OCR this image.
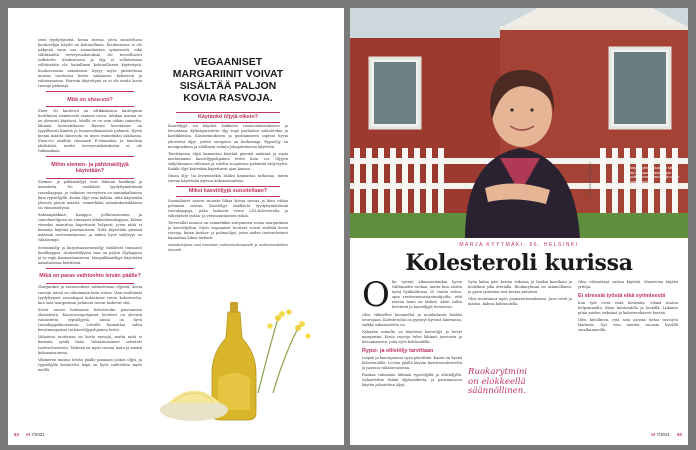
seen tyydyttyneitä, kovaa rasvaa, joten suositeltava kookosöljyn käyttö on kohtuullinen. Kookosrasva ei ole näkyvää vaan osa suomalaisten syömisestä, eikä välttämättä terveysvaikutuksia ole tieteellisesti todistettu. Kookosrasva ja öljy ei sellaisenaan välttämättä ole haitallinen kohtuullisesti käytettynä. Kookosrasvaa annoksissa löytyy myös piilotettuna muissa tuotteissa kuten suklaassa, kekseissä ja valmisruoissa. Harvoin käytettynä se ei ole muita kovia rasvoja pahempi.

Mitä on shea-voi?

Shea- eli karitevoi on afrikkalaisen karitepuun hedelmien siemenestä saatava rasva. Afrikan maissa se on yleisesti käytössä. Meillä se on vain vähän tunnettu, lähinnä kosmetiikassa. Rasvan koostumus on tyypillisesti kiinteä ja huoneenlämmössä pehmeä. Hyvin pieniä määriä sheavoita on myös esimerkiksi suklaassa. Shea-voi sisältää runsaasti E-vitamiinia ja fenolisia yhdisteitä, mutta terveysvaikutuksista ei ole tutkimuksia.

Mihin siemen- ja pähkinäöljyjä käytetään?

Siemen- ja pähkinäöljyt ovat lähinnä herkkuja ja maustetta. Ne sisältävät tyydyttymättömiä rasvahappoja, ja vaikutus terveyteen on samankaltainen kuin rypsiöljyllä. Koska öljyt ovat kalliita, niitä käytetään yleensä pieniä määriä, esimerkiksi salaatinkastikkeissa tai viimeistelyssä.

Saksanpähkinä-, hamppu-, pellavansiemen- ja camelinaöljyssä on runsaasti alfalinoleenihappoa. Kolme viimeksi mainittua hapettuvat helposti, joten niitä ei kannata käyttää paistamiseen. Niitä käytetään pieninä määrinä ravitsemuksessa, ja niiden hyvä säilyvyys on vähäisempi.

Seesamiöljy ja kurpitsansiemenöljy sisältävät runsaasti linolihappoa. Avokadoöljyssä taas on paljon öljyhappoa ja se sopii kuumentamiseen. Maapähkinäöljyä käytetään aasialaisessa keittiössä.

Mikä on paras vaihtoehto leivän päälle?

Margariinit ja rasvaseokset valmistetaan öljyistä, kovia rasvoja niissä on vähemmän kuin voissa. Voin sisältämät tyydyttyneet rasvahapot kohottavat veren kolesterolia, kun taas margariinin pehmeät rasvat laskevat sitä.

Kovat rasvat haittaavat kolesterolin poistumista elimistöstä. Kasvirasvapohjaiset levitteet on yleensä valmistettu rypsiöljystä, niissä on hyvä rasvahappokoostumus. Leivälle kannattaa valita kevytmargariini tai kasviöljypohjainen levite.

Valmiissa tuotteissa on kovia rasvoja, mutta niitä ei kannata syödä lisää. Valmistusaineet selviävät tuoteselosteesta. Tärkeää on myös rasvan laatu ja määrä kokonaisuutena.

Välimeren maissa leivän päälle pannaan joskus öljyä, ja rypsiöljyllä kostutettu leipä on hyvä vaihtoehto myös meillä.

VEGAANISET
MARGARIINIT VOIVAT
SISÄLTÄÄ PALJON
KOVIA RASVOJA.
Käytänkö öljyjä oikein?

Kasviöljyjä voi käyttää kaikkeen ruoanvalmistukseen ja leivontaan. Kylmäpuristettu öljy sopii parhaiten salaatteihin ja kastikkeisiin. Kuumennukseen ja paistamiseen sopivat hyvin jalostetut öljyt, joiden savupiste on korkeampi. Rypsiöljy on monipuolinen ja edullinen valinta jokapäiväiseen käyttöön.

Tarvittaessa öljyä kannattaa käyttää pieninä määrinä ja sopia mieluummin kasviöljypohjainen levite kuin voi. Öljyjen säilyttäminen viileässä ja valolta suojattuna pidentää säilyvyyttä. Kaikki öljyt kuitenkin hapettuvat ajan kanssa.

Oman öljy- tai levitemerkin lisäksi kannattaa tarkistaa, miten rasvaa käytetään arjessa kokonaisuutena.

Miksi kasviöljyjä suositellaan?

Suomalaiset saavat ruoasta liikaa kovaa rasvaa ja liian vähän pehmeää rasvaa. Kasviöljyt sisältävät tyydyttymättömiä rasvahappoja, jotka laskevat veren LDL-kolesterolia ja vähentävät sydän- ja verisuonitautien riskiä.

Tervetullut muutos on esimerkiksi siirtyminen voista margariiniin ja kasviöljyihin. Myös vegaaniset tuotteet voivat sisältää kovia rasvoja, kuten kookos- ja palmuöljyä, joten niiden tuoteselosteet kannattaa lukea tarkasti.

Asiantuntijoina ovat toimineet ravitsemusterapeutti ja ravitsemustieteen dosentti.

63 et 7/2021
Marja Kyytmäki huolehtii siitä, että hän saa ruoasta paljon hyviä pehmeitä rasvoja ja vähän kovia rasvoja.
KUVA: ANNI KORKIAKOSKI
MARJA KYYTMÄKI, 66, HELSINKI
Kolesteroli kurissa

Olin syönyt aikaisemminkin hyvin välttämättä ruokaa, mutta kun aloitin työni Sydänliitossa 25 vuotta sitten, opin ravitsemusasiantuntijoilta, että rasvan laatu on tärkeä. Aloin valita levitteitä ja kasviöljyjä tietoisesti.

Olen vähitellen kuunnellut ja noudattanut heidän neuvojaan. Kolesterolini on pysynyt hyvissä lukemissa, vaikka sukurasitetta on.

Nykyään minulla on käytössä kasviöljyt ja kevyt margariini. Kovia rasvoja tulee lähinnä juustosta ja leivonnaisista, joita syön kohtuudella.

Rypsi- ja oliiviöljy tarvittaan

Leipää ja kaurapuuroa syön päivittäin. Kaura on hyvää kolesterolille. Leivän päällä käytän kasvirasvalevitettä ja juustoa vähärasvaisena.

Ruokaa valmistan lähinnä rypsiöljyllä ja oliiviöljyllä. Salaatteihin lisään öljykastiketta, ja paistamiseen käytän jalostettua öljyä.

Ruokarytmini
on elokkeellä
säännöllinen.

Syön kalaa pari kertaa viikossa ja lisäksi kasviksia ja hedelmiä joka aterialla. Ruokarytmini on säännöllinen, ja pyrin syömään viisi kertaa päivässä.

Olen muuttanut myös juomatottumuksiani. Juon vettä ja maitoa, kahvia kohtuudella.

Olen vähentänyt suolan käyttöä. Mausteina käytän yrttejä.

Ei stressiä työstä eikä syömisestä

Kun työt eivät enää kuormita, elämä tuntuu helpommalta. Käyn kuntosalilla ja lenkillä. Liikunta pitää mielen virkeänä ja kolesteroliarvot hyvinä.

Olen kiitollinen, että sain ajoissa tietoa rasvojen laadusta. Nyt voin nauttia ruoasta hyvällä omallatunnolla.

et 7/2021 63
